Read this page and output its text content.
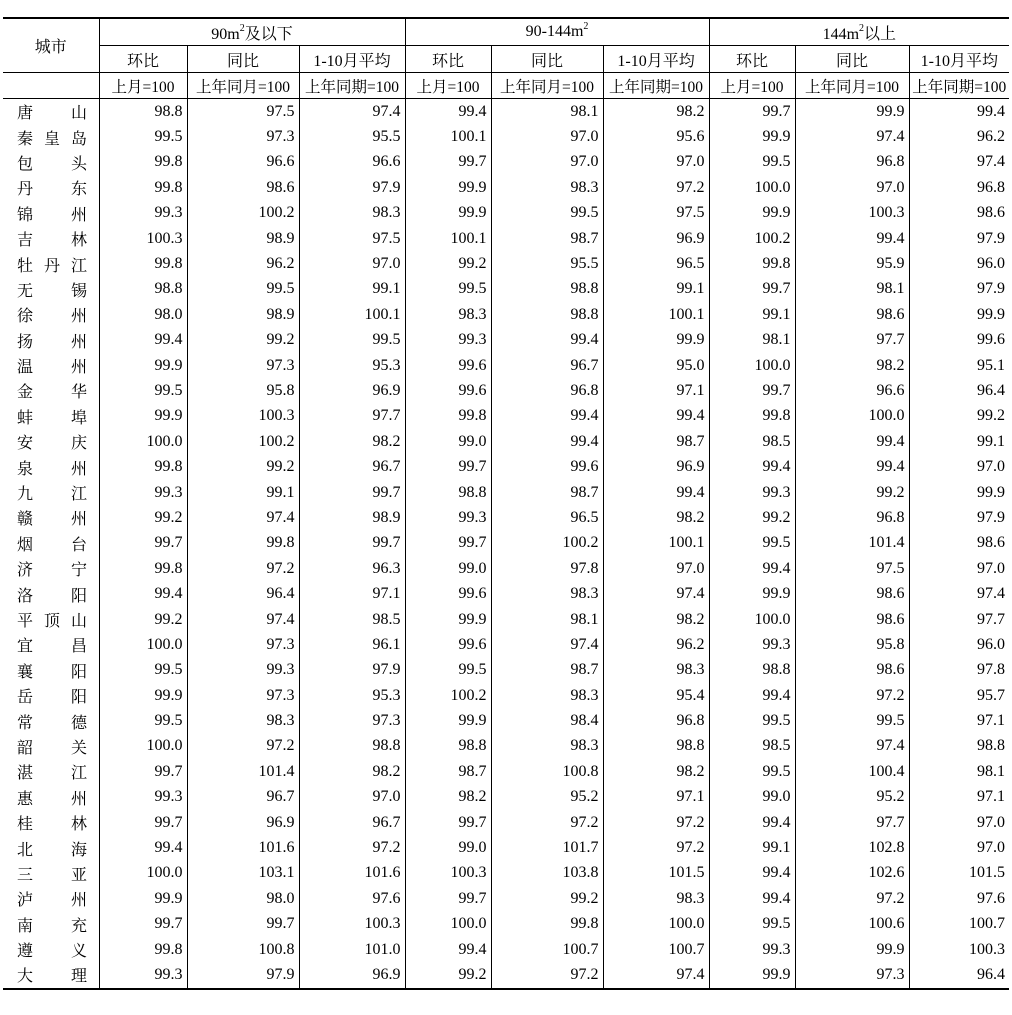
城市	$90m^2$及以下			$90-144m^2$			$144m^2$以上		
	环比	同比	1-10月平均	环比	同比	1-10月平均	环比	同比	1-10月平均
	上月=100	上年同月=100	上年同期=100	上月=100	上年同月=100	上年同期=100	上月=100	上年同月=100	上年同期=100

唐 山	98.8	97.5	97.4	99.4	98.1	98.2	99.7	99.9	99.4

秦 皇 岛	99.5	97.3	95.5	100.1	97.0	95.6	99.9	97.4	96.2

包 头	99.8	96.6	96.6	99.7	97.0	97.0	99.5	96.8	97.4

丹 东	99.8	98.6	97.9	99.9	98.3	97.2	100.0	97.0	96.8

锦 州	99.3	100.2	98.3	99.9	99.5	97.5	99.9	100.3	98.6

吉 林	100.3	98.9	97.5	100.1	98.7	96.9	100.2	99.4	97.9

牡 丹 江	99.8	96.2	97.0	99.2	95.5	96.5	99.8	95.9	96.0

无 锡	98.8	99.5	99.1	99.5	98.8	99.1	99.7	98.1	97.9

徐 州	98.0	98.9	100.1	98.3	98.8	100.1	99.1	98.6	99.9

扬 州	99.4	99.2	99.5	99.3	99.4	99.9	98.1	97.7	99.6

温 州	99.9	97.3	95.3	99.6	96.7	95.0	100.0	98.2	95.1

金 华	99.5	95.8	96.9	99.6	96.8	97.1	99.7	96.6	96.4

蚌 埠	99.9	100.3	97.7	99.8	99.4	99.4	99.8	100.0	99.2

安 庆	100.0	100.2	98.2	99.0	99.4	98.7	98.5	99.4	99.1

泉 州	99.8	99.2	96.7	99.7	99.6	96.9	99.4	99.4	97.0

九 江	99.3	99.1	99.7	98.8	98.7	99.4	99.3	99.2	99.9

赣 州	99.2	97.4	98.9	99.3	96.5	98.2	99.2	96.8	97.9

烟 台	99.7	99.8	99.7	99.7	100.2	100.1	99.5	101.4	98.6

济 宁	99.8	97.2	96.3	99.0	97.8	97.0	99.4	97.5	97.0

洛 阳	99.4	96.4	97.1	99.6	98.3	97.4	99.9	98.6	97.4

平 顶 山	99.2	97.4	98.5	99.9	98.1	98.2	100.0	98.6	97.7

宜 昌	100.0	97.3	96.1	99.6	97.4	96.2	99.3	95.8	96.0

襄 阳	99.5	99.3	97.9	99.5	98.7	98.3	98.8	98.6	97.8

岳 阳	99.9	97.3	95.3	100.2	98.3	95.4	99.4	97.2	95.7

常 德	99.5	98.3	97.3	99.9	98.4	96.8	99.5	99.5	97.1

韶 关	100.0	97.2	98.8	98.8	98.3	98.8	98.5	97.4	98.8

湛 江	99.7	101.4	98.2	98.7	100.8	98.2	99.5	100.4	98.1

惠 州	99.3	96.7	97.0	98.2	95.2	97.1	99.0	95.2	97.1

桂 林	99.7	96.9	96.7	99.7	97.2	97.2	99.4	97.7	97.0

北 海	99.4	101.6	97.2	99.0	101.7	97.2	99.1	102.8	97.0

三 亚	100.0	103.1	101.6	100.3	103.8	101.5	99.4	102.6	101.5

泸 州	99.9	98.0	97.6	99.7	99.2	98.3	99.4	97.2	97.6

南 充	99.7	99.7	100.3	100.0	99.8	100.0	99.5	100.6	100.7

遵 义	99.8	100.8	101.0	99.4	100.7	100.7	99.3	99.9	100.3

大 理	99.3	97.9	96.9	99.2	97.2	97.4	99.9	97.3	96.4
